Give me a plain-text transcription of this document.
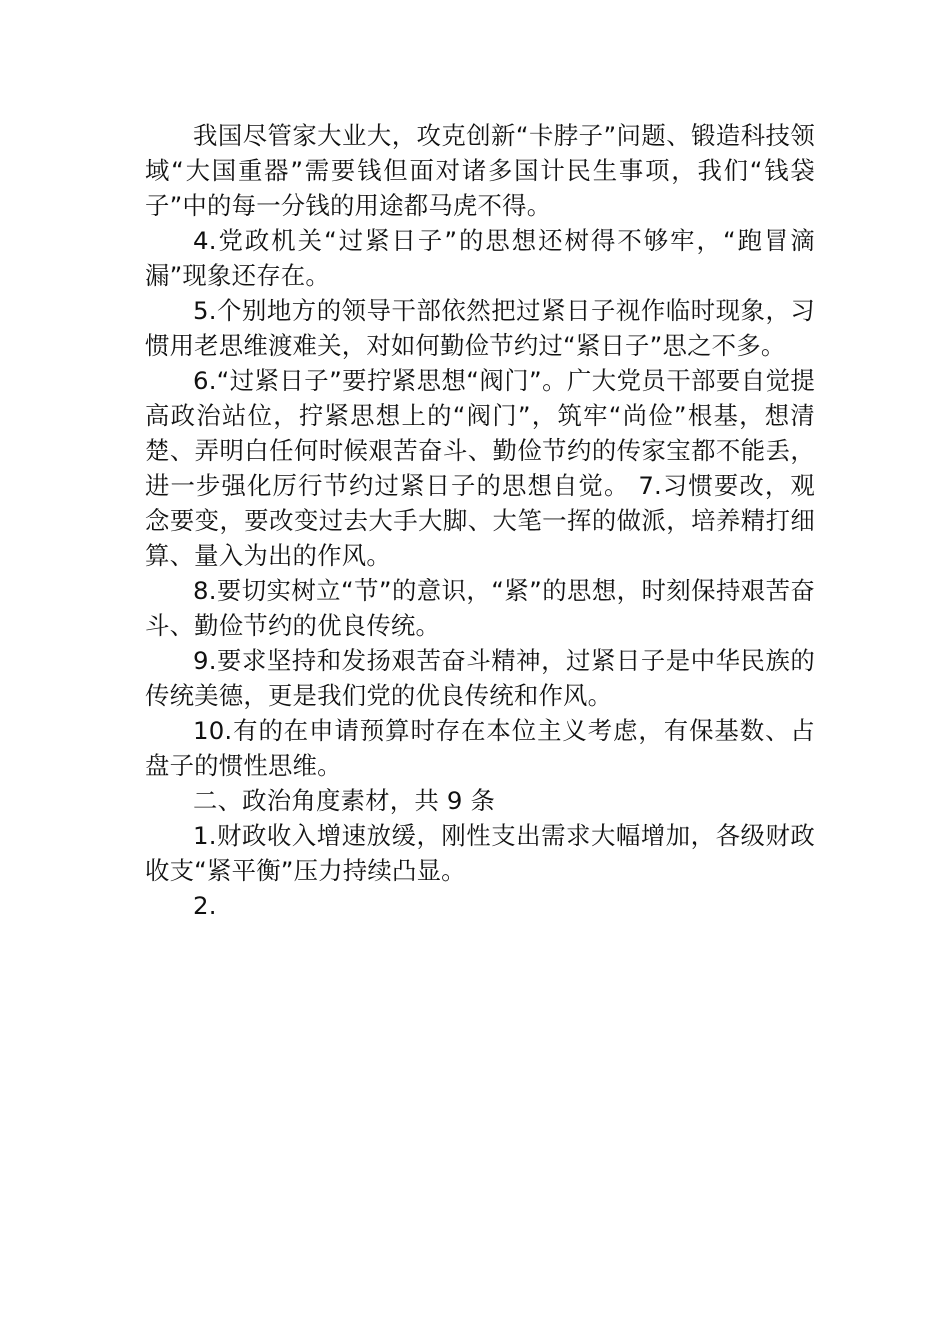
我国尽管家大业大，攻克创新“卡脖子”问题、锻造科技领域“大国重器”需要钱但面对诸多国计民生事项，我们“钱袋子”中的每一分钱的用途都马虎不得。

4.党政机关“过紧日子”的思想还树得不够牢，“跑冒滴漏”现象还存在。

5.个别地方的领导干部依然把过紧日子视作临时现象，习惯用老思维渡难关，对如何勤俭节约过“紧日子”思之不多。

6.“过紧日子”要拧紧思想“阀门”。广大党员干部要自觉提高政治站位，拧紧思想上的“阀门”，筑牢“尚俭”根基，想清楚、弄明白任何时候艰苦奋斗、勤俭节约的传家宝都不能丢，进一步强化厉行节约过紧日子的思想自觉。 7.习惯要改，观念要变，要改变过去大手大脚、大笔一挥的做派，培养精打细算、量入为出的作风。

8.要切实树立“节”的意识，“紧”的思想，时刻保持艰苦奋斗、勤俭节约的优良传统。

9.要求坚持和发扬艰苦奋斗精神，过紧日子是中华民族的传统美德，更是我们党的优良传统和作风。

10.有的在申请预算时存在本位主义考虑，有保基数、占盘子的惯性思维。

二、政治角度素材，共 9 条

1.财政收入增速放缓，刚性支出需求大幅增加，各级财政收支“紧平衡”压力持续凸显。

2.
